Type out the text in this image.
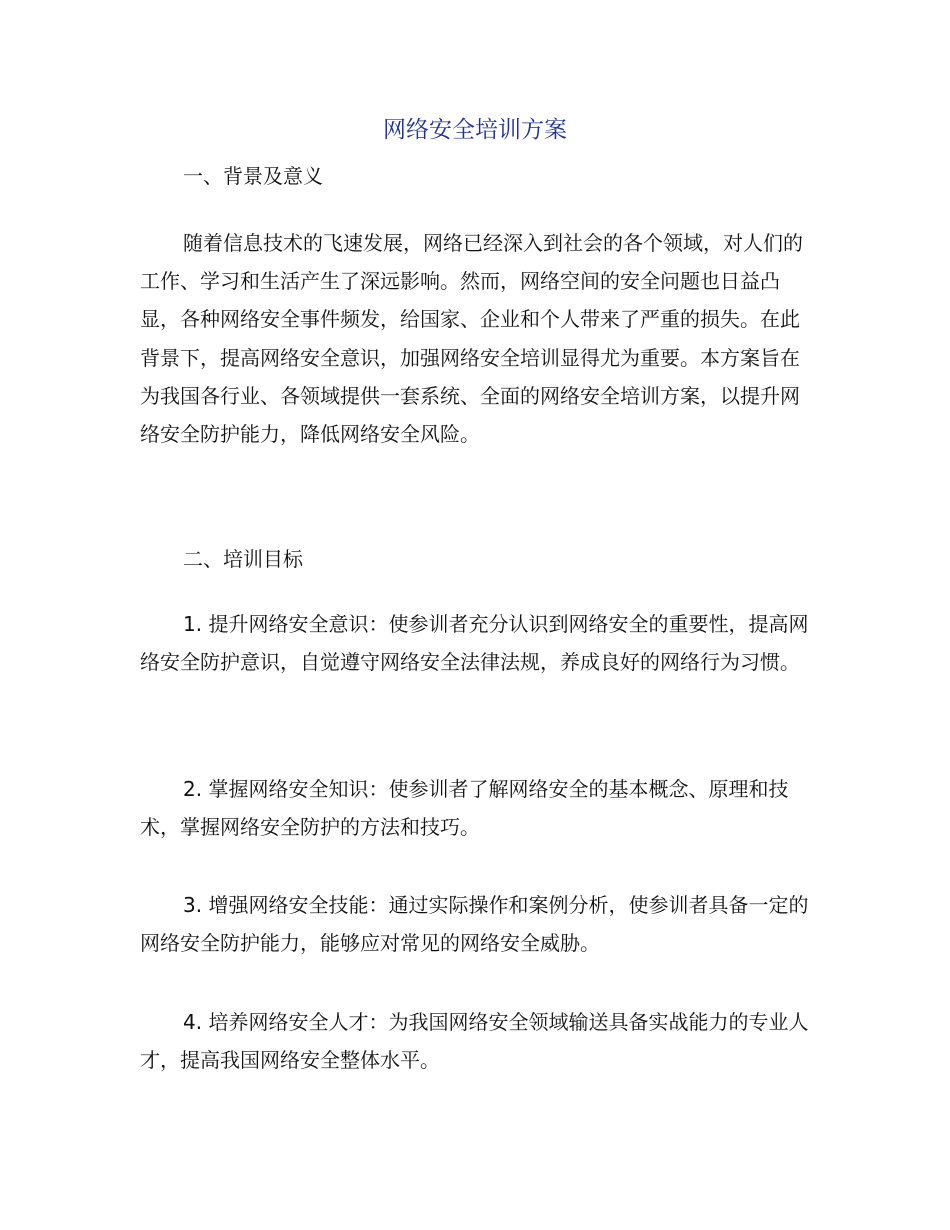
网络安全培训方案
一、背景及意义

随着信息技术的飞速发展，网络已经深入到社会的各个领域，对人们的工作、学习和生活产生了深远影响。然而，网络空间的安全问题也日益凸显，各种网络安全事件频发，给国家、企业和个人带来了严重的损失。在此背景下，提高网络安全意识，加强网络安全培训显得尤为重要。本方案旨在为我国各行业、各领域提供一套系统、全面的网络安全培训方案，以提升网络安全防护能力，降低网络安全风险。

二、培训目标

1. 提升网络安全意识：使参训者充分认识到网络安全的重要性，提高网络安全防护意识，自觉遵守网络安全法律法规，养成良好的网络行为习惯。

2. 掌握网络安全知识：使参训者了解网络安全的基本概念、原理和技术，掌握网络安全防护的方法和技巧。

3. 增强网络安全技能：通过实际操作和案例分析，使参训者具备一定的网络安全防护能力，能够应对常见的网络安全威胁。

4. 培养网络安全人才：为我国网络安全领域输送具备实战能力的专业人才，提高我国网络安全整体水平。
